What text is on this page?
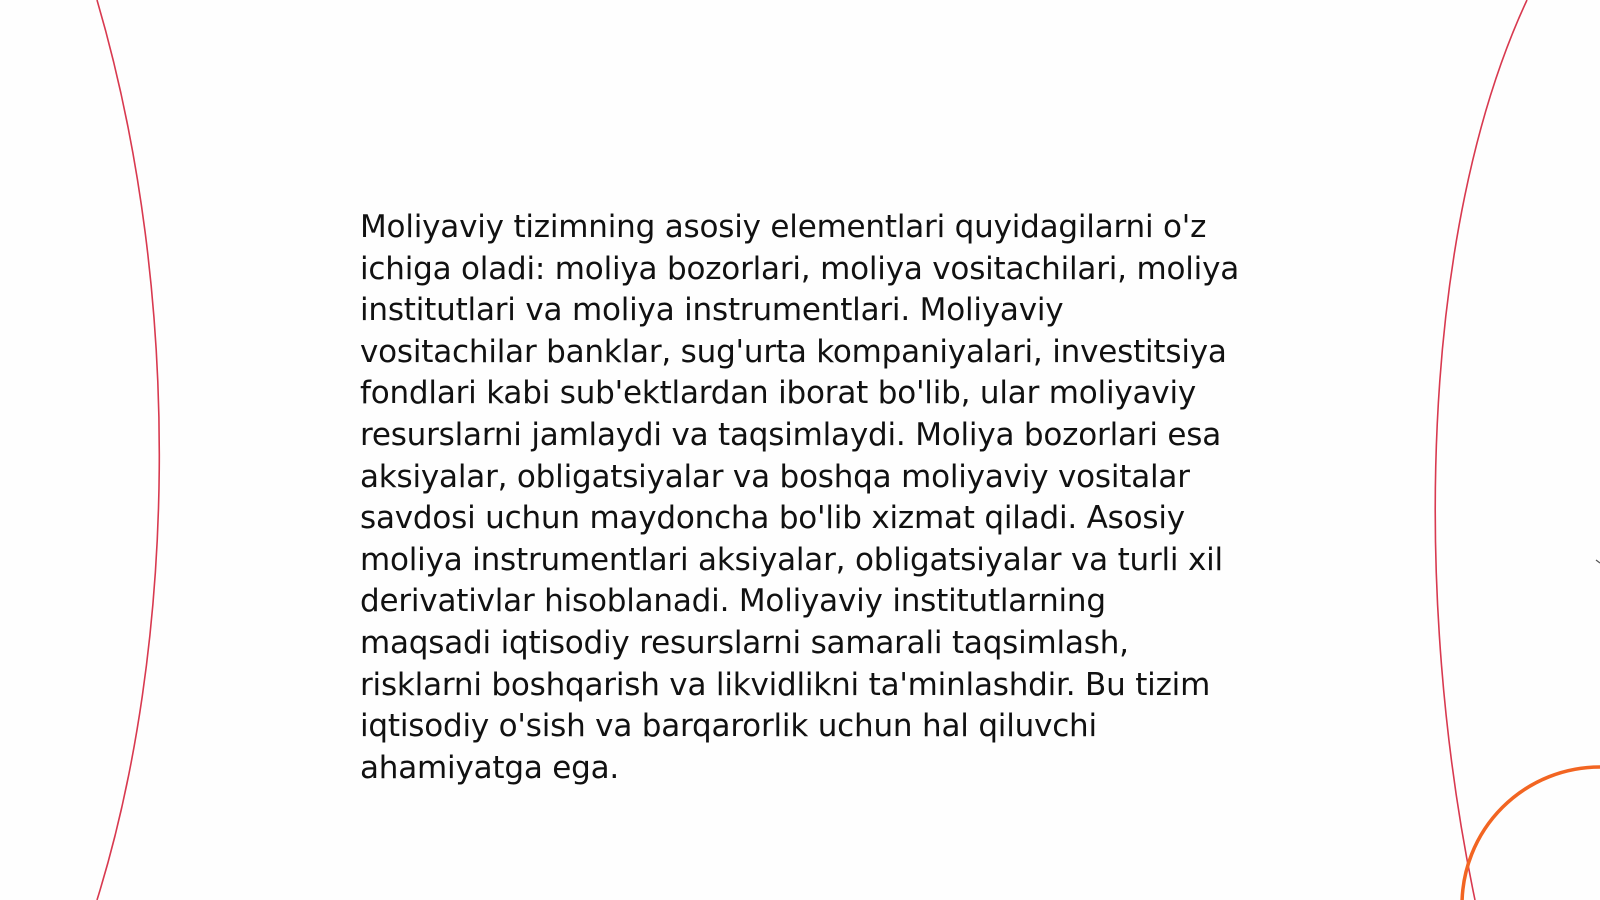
Moliyaviy tizimning asosiy elementlari quyidagilarni o'z ichiga oladi: moliya bozorlari, moliya vositachilari, moliya institutlari va moliya instrumentlari. Moliyaviy vositachilar banklar, sug'urta kompaniyalari, investitsiya fondlari kabi sub'ektlardan iborat bo'lib, ular moliyaviy resurslarni jamlaydi va taqsimlaydi. Moliya bozorlari esa aksiyalar, obligatsiyalar va boshqa moliyaviy vositalar savdosi uchun maydoncha bo'lib xizmat qiladi. Asosiy moliya instrumentlari aksiyalar, obligatsiyalar va turli xil derivativlar hisoblanadi. Moliyaviy institutlarning maqsadi iqtisodiy resurslarni samarali taqsimlash, risklarni boshqarish va likvidlikni ta'minlashdir. Bu tizim iqtisodiy o'sish va barqarorlik uchun hal qiluvchi ahamiyatga ega.
